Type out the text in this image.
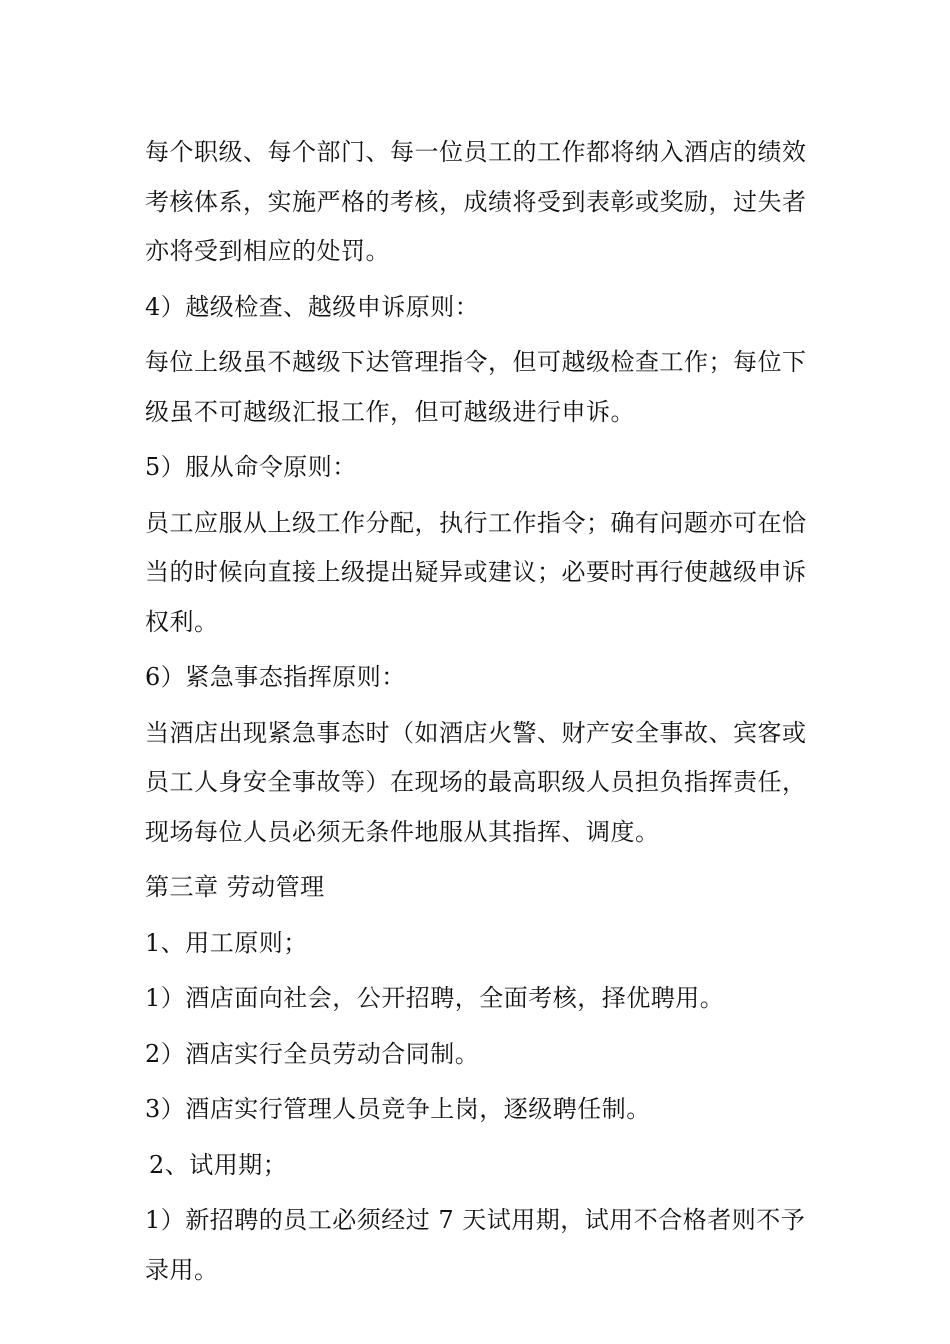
每个职级、每个部门、每一位员工的工作都将纳入酒店的绩效考核体系，实施严格的考核，成绩将受到表彰或奖励，过失者亦将受到相应的处罚。

4）越级检查、越级申诉原则：

每位上级虽不越级下达管理指令，但可越级检查工作；每位下级虽不可越级汇报工作，但可越级进行申诉。

5）服从命令原则：

员工应服从上级工作分配，执行工作指令；确有问题亦可在恰当的时候向直接上级提出疑异或建议；必要时再行使越级申诉权利。

6）紧急事态指挥原则：

当酒店出现紧急事态时（如酒店火警、财产安全事故、宾客或员工人身安全事故等）在现场的最高职级人员担负指挥责任，现场每位人员必须无条件地服从其指挥、调度。

第三章 劳动管理

1、用工原则；

1）酒店面向社会，公开招聘，全面考核，择优聘用。

2）酒店实行全员劳动合同制。

3）酒店实行管理人员竞争上岗，逐级聘任制。

2、试用期；

1）新招聘的员工必须经过 7 天试用期，试用不合格者则不予录用。
